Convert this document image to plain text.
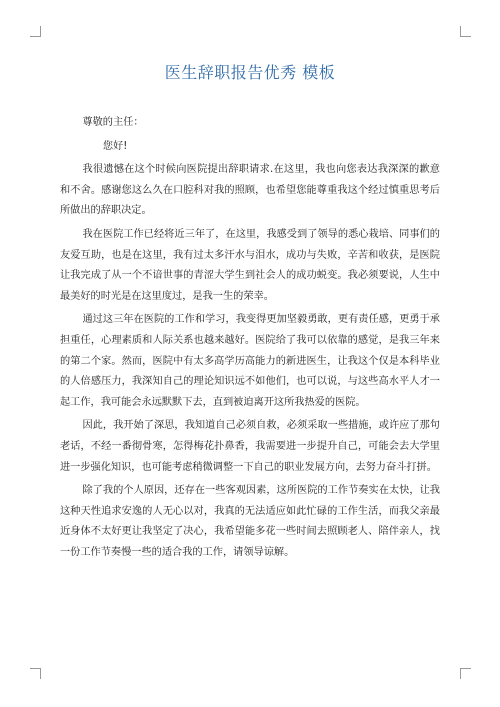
医生辞职报告优秀 模板

尊敬的主任：

您好!

我很遗憾在这个时候向医院提出辞职请求.在这里，我也向您表达我深深的歉意和不舍。感谢您这么久在口腔科对我的照顾，也希望您能尊重我这个经过慎重思考后所做出的辞职决定。

我在医院工作已经将近三年了，在这里，我感受到了领导的悉心栽培、同事们的友爱互助，也是在这里，我有过太多汗水与泪水，成功与失败，辛苦和收获，是医院让我完成了从一个不谙世事的青涩大学生到社会人的成功蜕变。我必须要说，人生中最美好的时光是在这里度过，是我一生的荣幸。

通过这三年在医院的工作和学习，我变得更加坚毅勇敢，更有责任感，更勇于承担重任，心理素质和人际关系也越来越好。医院给了我可以依靠的感觉，是我三年来的第二个家。然而，医院中有太多高学历高能力的新进医生，让我这个仅是本科毕业的人倍感压力，我深知自己的理论知识远不如他们，也可以说，与这些高水平人才一起工作，我可能会永远默默下去，直到被迫离开这所我热爱的医院。

因此，我开始了深思，我知道自己必须自救，必须采取一些措施，或许应了那句老话，不经一番彻骨寒，怎得梅花扑鼻香，我需要进一步提升自己，可能会去大学里进一步强化知识，也可能考虑稍微调整一下自己的职业发展方向，去努力奋斗打拼。

除了我的个人原因，还存在一些客观因素，这所医院的工作节奏实在太快，让我这种天性追求安逸的人无心以对，我真的无法适应如此忙碌的工作生活，而我父亲最近身体不太好更让我坚定了决心，我希望能多花一些时间去照顾老人、陪伴亲人，找一份工作节奏慢一些的适合我的工作，请领导谅解。
